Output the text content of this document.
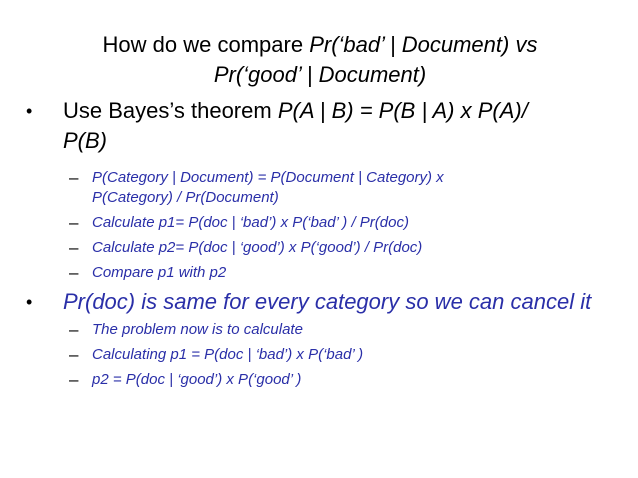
How do we compare Pr(‘bad’ | Document) vs
Pr(‘good’ | Document)
• Use Bayes’s theorem P(A | B) = P(B | A) x P(A)/
P(B)
– P(Category | Document) = P(Document | Category) x
P(Category) / Pr(Document)
– Calculate p1= P(doc | ‘bad’) x P(‘bad’ ) / Pr(doc)
– Calculate p2= P(doc | ‘good’) x P(‘good’) / Pr(doc)
– Compare p1 with p2
• Pr(doc) is same for every category so we can cancel it
– The problem now is to calculate
– Calculating p1 = P(doc | ‘bad’) x P(‘bad’ )
– p2 = P(doc | ‘good’) x P(‘good’ )
